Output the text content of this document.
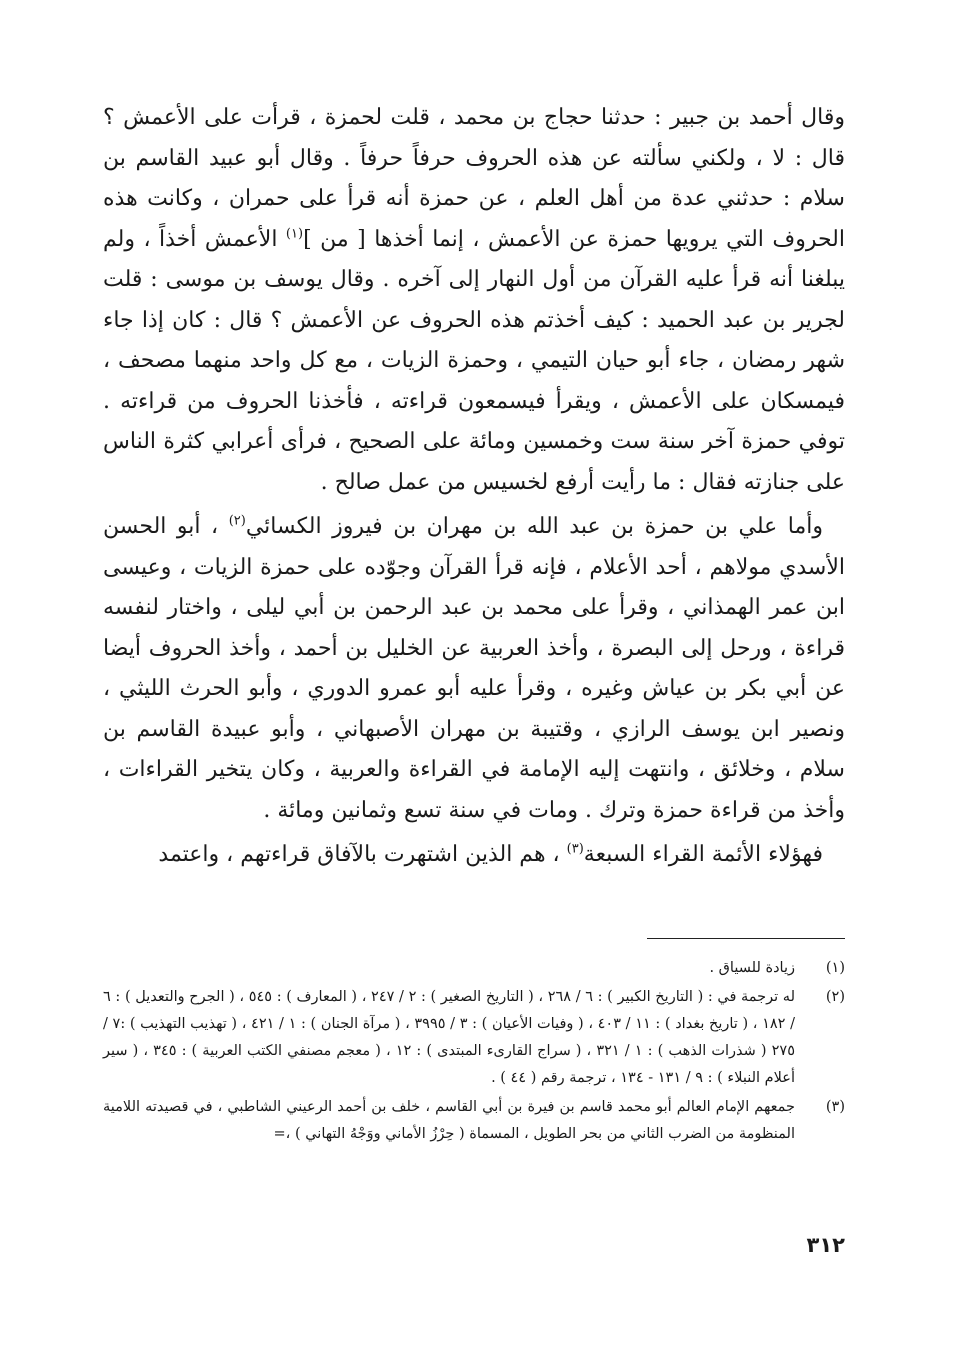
وقال أحمد بن جبير : حدثنا حجاج بن محمد ، قلت لحمزة ، قرأت على الأعمش ؟ قال : لا ، ولكني سألته عن هذه الحروف حرفاً حرفاً . وقال أبو عبيد القاسم بن سلام : حدثني عدة من أهل العلم ، عن حمزة أنه قرأ على حمران ، وكانت هذه الحروف التي يرويها حمزة عن الأعمش ، إنما أخذها [ من ]$^{(١)}$ الأعمش أخذاً ، ولم يبلغنا أنه قرأ عليه القرآن من أول النهار إلى آخره . وقال يوسف بن موسى : قلت لجرير بن عبد الحميد : كيف أخذتم هذه الحروف عن الأعمش ؟ قال : كان إذا جاء شهر رمضان ، جاء أبو حيان التيمي ، وحمزة الزيات ، مع كل واحد منهما مصحف ، فيمسكان على الأعمش ، ويقرأ فيسمعون قراءته ، فأخذنا الحروف من قراءته . توفي حمزة آخر سنة ست وخمسين ومائة على الصحيح ، فرأى أعرابي كثرة الناس على جنازته فقال : ما رأيت أرفع لخسيس من عمل صالح .

وأما علي بن حمزة بن عبد الله بن مهران بن فيروز الكسائي$^{(٢)}$ ، أبو الحسن الأسدي مولاهم ، أحد الأعلام ، فإنه قرأ القرآن وجوّده على حمزة الزيات ، وعيسى ابن عمر الهمذاني ، وقرأ على محمد بن عبد الرحمن بن أبي ليلى ، واختار لنفسه قراءة ، ورحل إلى البصرة ، وأخذ العربية عن الخليل بن أحمد ، وأخذ الحروف أيضا عن أبي بكر بن عياش وغيره ، وقرأ عليه أبو عمرو الدوري ، وأبو الحرث الليثي ، ونصير ابن يوسف الرازي ، وقتيبة بن مهران الأصبهاني ، وأبو عبيدة القاسم بن سلام ، وخلائق ، وانتهت إليه الإمامة في القراءة والعربية ، وكان يتخير القراءات ، وأخذ من قراءة حمزة وترك . ومات في سنة تسع وثمانين ومائة .

فهؤلاء الأئمة القراء السبعة$^{(٣)}$ ، هم الذين اشتهرت بالآفاق قراءتهم ، واعتمد

(١)
زيادة للسياق .
(٢)
له ترجمة في : ( التاريخ الكبير ) : ٦ / ٢٦٨ ، ( التاريخ الصغير ) : ٢ / ٢٤٧ ، ( المعارف ) : ٥٤٥ ، ( الجرح والتعديل ) : ٦ / ١٨٢ ، ( تاريخ بغداد ) : ١١ / ٤٠٣ ، ( وفيات الأعيان ) : ٣ / ٣٩٩٥ ، ( مرآة الجنان ) : ١ / ٤٢١ ، ( تهذيب التهذيب ) :٧ / ٢٧٥ ( شذرات الذهب ) : ١ / ٣٢١ ، ( سراج القارىء المبتدى ) : ١٢ ، ( معجم مصنفي الكتب العربية ) : ٣٤٥ ، ( سير أعلام النبلاء ) : ٩ / ١٣١ - ١٣٤ ، ترجمة رقم ( ٤٤ ) .
(٣)
جمعهم الإمام العالم أبو محمد قاسم بن فيرة بن أبي القاسم ، خلف بن أحمد الرعيني الشاطبي ، في قصيدته اللامية المنظومة من الضرب الثاني من بحر الطويل ، المسماة ( حِرْزُ الأماني ووَجْهُ التهاني ) ،=
٣١٢
